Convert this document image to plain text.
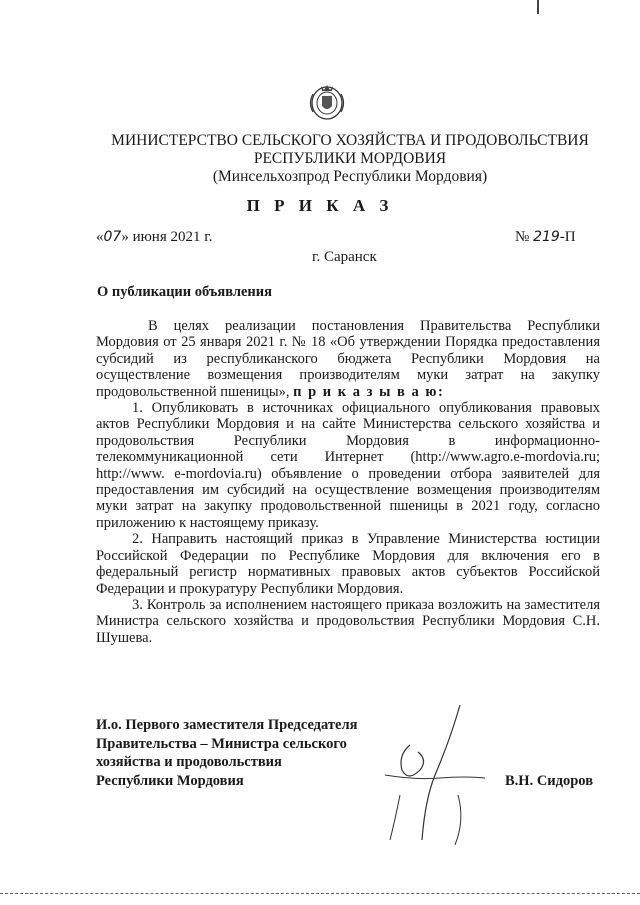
МИНИСТЕРСТВО СЕЛЬСКОГО ХОЗЯЙСТВА И ПРОДОВОЛЬСТВИЯ
РЕСПУБЛИКИ МОРДОВИЯ
(Минсельхозпрод Республики Мордовия)
П Р И К А З
«07» июня 2021 г.	№ 219-П
г. Саранск
О публикации объявления

В целях реализации постановления Правительства Республики Мордовия от 25 января 2021 г. № 18 «Об утверждении Порядка предоставления субсидий из республиканского бюджета Республики Мордовия на осуществление возмещения производителям муки затрат на закупку продовольственной пшеницы», п р и к а з ы в а ю:

1. Опубликовать в источниках официального опубликования правовых актов Республики Мордовия и на сайте Министерства сельского хозяйства и продовольствия Республики Мордовия в информационно-телекоммуникационной сети Интернет (http://www.agro.e-mordovia.ru; http://www. e-mordovia.ru) объявление о проведении отбора заявителей для предоставления им субсидий на осуществление возмещения производителям муки затрат на закупку продовольственной пшеницы в 2021 году, согласно приложению к настоящему приказу.

2. Направить настоящий приказ в Управление Министерства юстиции Российской Федерации по Республике Мордовия для включения его в федеральный регистр нормативных правовых актов субъектов Российской Федерации и прокуратуру Республики Мордовия.

3. Контроль за исполнением настоящего приказа возложить на заместителя Министра сельского хозяйства и продовольствия Республики Мордовия С.Н. Шушева.

И.о. Первого заместителя Председателя
Правительства – Министра сельского
хозяйства и продовольствия
Республики Мордовия	В.Н. Сидоров
